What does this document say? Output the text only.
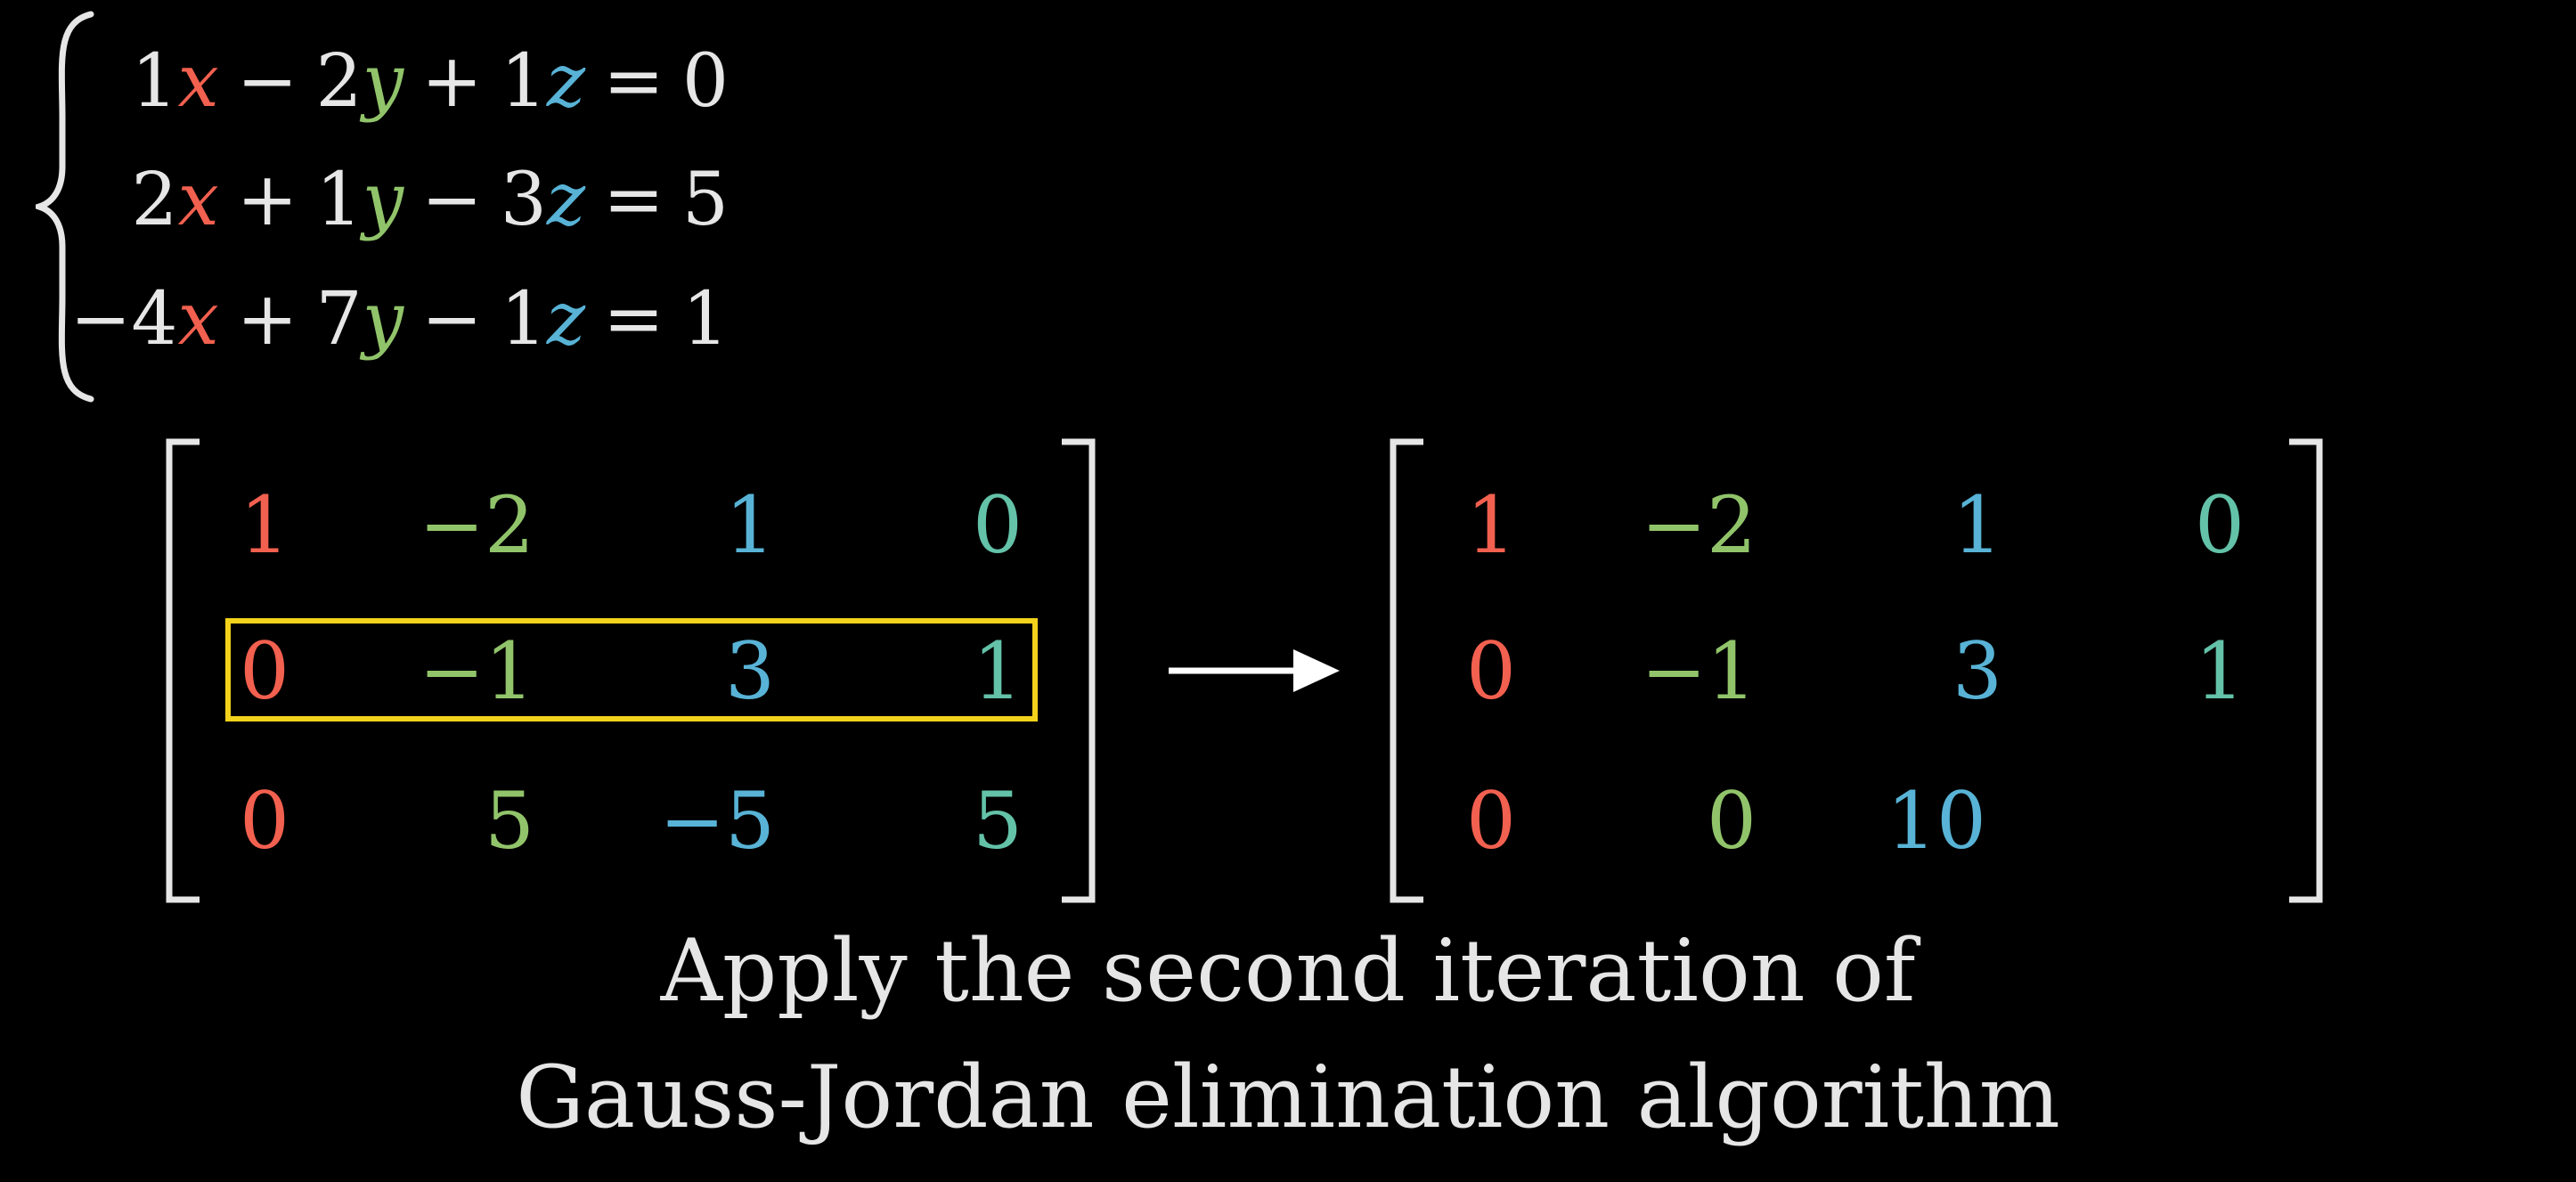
1 x − 2 y + 1 z = 0
2 x + 1 y − 3 z = 5
−4 x + 7 y − 1 z = 1
1	−2	1	0
0	−1	3	1
0	5	−5	5
1	−2	1	0
0	−1	3	1
0	0	10
Apply the second iteration of
Gauss-Jordan elimination algorithm
